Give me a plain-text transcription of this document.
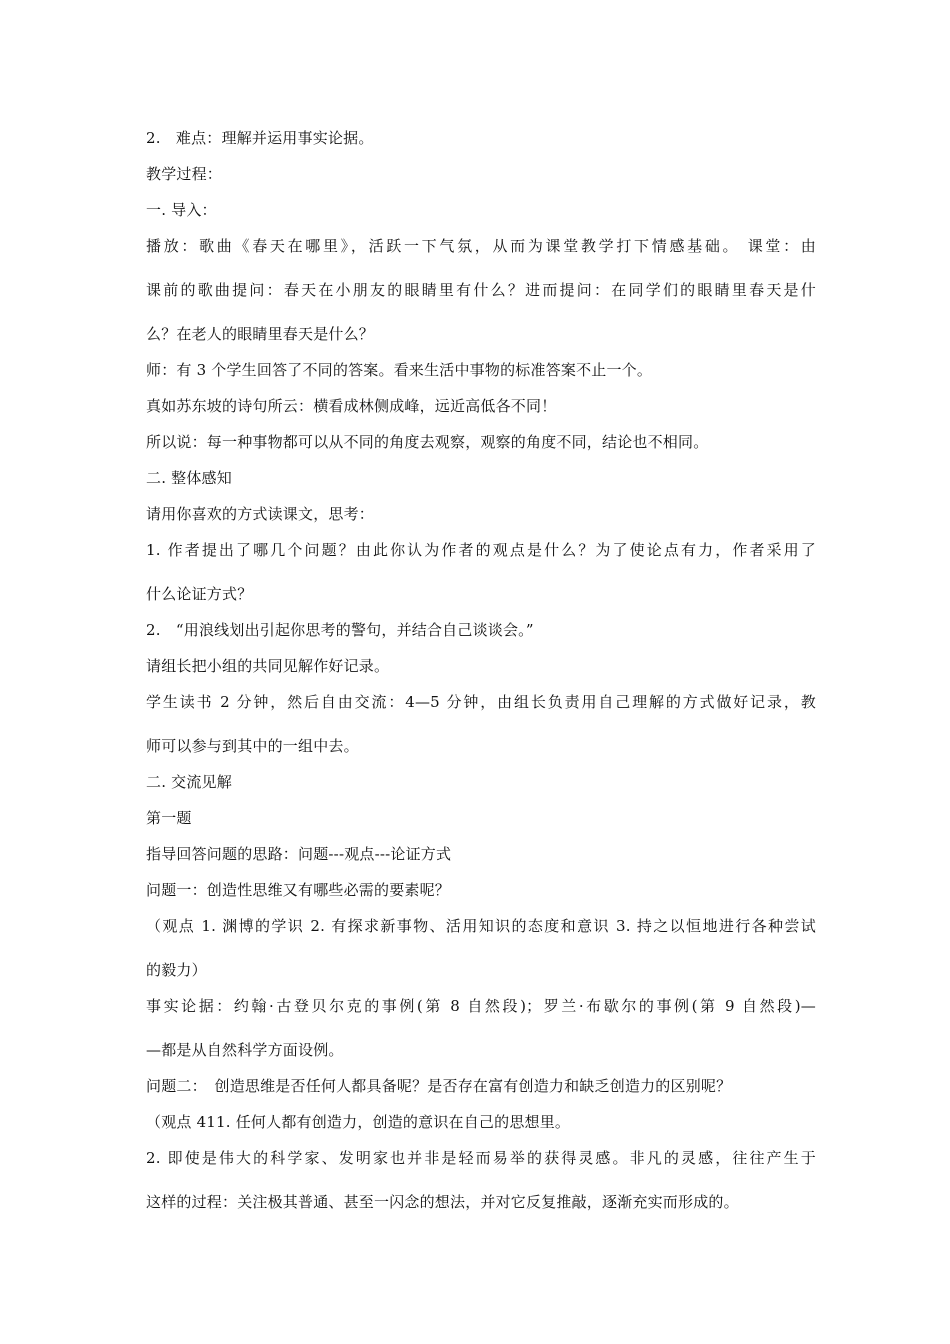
2.　难点：理解并运用事实论据。

教学过程：

一. 导入：

播放：歌曲《春天在哪里》，活跃一下气氛，从而为课堂教学打下情感基础。 课堂：由

课前的歌曲提问：春天在小朋友的眼睛里有什么？进而提问：在同学们的眼睛里春天是什

么？在老人的眼睛里春天是什么？

师：有 3 个学生回答了不同的答案。看来生活中事物的标准答案不止一个。

真如苏东坡的诗句所云：横看成林侧成峰，远近高低各不同！

所以说：每一种事物都可以从不同的角度去观察，观察的角度不同，结论也不相同。

二. 整体感知

请用你喜欢的方式读课文，思考：

1. 作者提出了哪几个问题？由此你认为作者的观点是什么？为了使论点有力，作者采用了

什么论证方式？

2.　“用浪线划出引起你思考的警句，并结合自己谈谈会。”

请组长把小组的共同见解作好记录。

学生读书 2 分钟，然后自由交流：4—5 分钟，由组长负责用自己理解的方式做好记录，教

师可以参与到其中的一组中去。

二. 交流见解

第一题

指导回答问题的思路：问题---观点---论证方式

问题一：创造性思维又有哪些必需的要素呢？

（观点 1. 渊博的学识 2. 有探求新事物、活用知识的态度和意识 3. 持之以恒地进行各种尝试

的毅力）

事实论据：约翰·古登贝尔克的事例(第 8 自然段)；罗兰·布歇尔的事例(第 9 自然段)—

—都是从自然科学方面设例。

问题二：　创造思维是否任何人都具备呢？是否存在富有创造力和缺乏创造力的区别呢？

（观点 411. 任何人都有创造力，创造的意识在自己的思想里。

2. 即使是伟大的科学家、发明家也并非是轻而易举的获得灵感。非凡的灵感，往往产生于

这样的过程：关注极其普通、甚至一闪念的想法，并对它反复推敲，逐渐充实而形成的。
